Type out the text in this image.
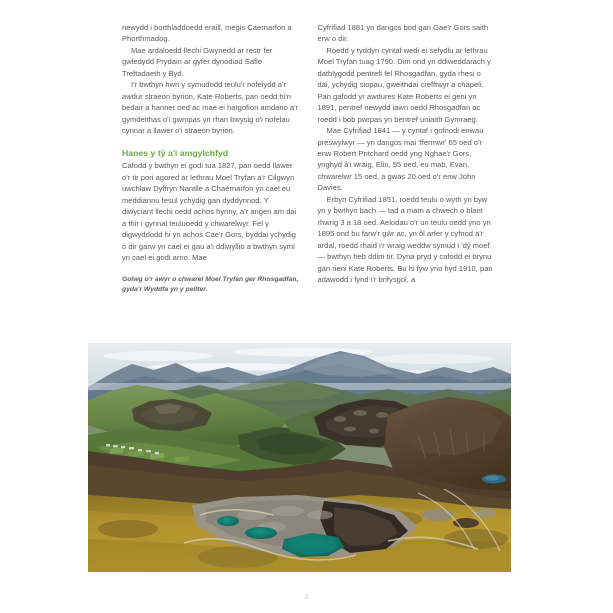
newydd i borthladdoedd eraill, megis Caernarfon a Phorthmadog.

Mae ardaloedd llechi Gwynedd ar restr fer gwledydd Prydain ar gyfer dynodiad Safle Treftadaeth y Byd.

I'r bwthyn hwn y symudodd teulu'r nofelydd a'r awdur straeon byrion, Kate Roberts, pan oedd hi'n bedair a hanner oed ac mae ei hatgofion amdano a'r gymdeithas o'i gwmpas yn rhan bwysig o'i nofelau cynnar a llawer o'i straeon byrion.

Hanes y tŷ a'i amgylchfyd

Cafodd y bwthyn ei godi tua 1827, pan oedd llawer o'r tir pori agored ar lethrau Moel Tryfan a'r Cilgwyn uwchlaw Dyffryn Nantlle a Chaernarfon yn cael eu meddiannu fesul ychydig gan dyddynnod. Y diwyciant llechi oedd achos hynny, a'r angen am dai a thir i gynnal teuluoedd y chwarelwyr. Fel y digwyddodd hi yn achos Cae'r Gors, byddai ychydig o dir garw yn cael ei gau a'i ddiwyllio a bwthyn syml yn cael ei godi arno. Mae

Golwg o'r awyr o chwarel Moel Tryfan ger Rhosgadfan, gyda'r Wyddfa yn y pellter.

Cyfrifiad 1881 yn dangos bod gan Gae'r Gors saith erw o dir.

Roedd y tyddyn cyntaf wedi ei sefydlu ar lethrau Moel Tryfan tuag 1790. Dim ond yn ddiweddarach y datblygodd pentrefi fel Rhosgadfan, gyda rhesi o dai, ychydig siopau, gweithdai crefftwyr a chapeli. Pan gafodd yr awdures Kate Roberts ei geni yn 1891, pentref newydd iawn oedd Rhosgadfan ac roedd i bob pwrpas yn bentref uniaith Gymraeg.

Mae Cyfrifiad 1841 — y cyntaf i gofnodi enwau preswylwyr — yn dangos mai 'ffermwr' 65 oed o'r enw Robert Pritchard oedd yng Nghae'r Gors, ynghyd â'i wraig, Elin, 55 oed, eu mab, Evan, chwarelwr 15 oed, a gwas 20 oed o'r enw John Davies.

Erbyn Cyfrifiad 1851, roedd teulu o wyth yn byw yn y bwthyn bach — tad a mam a chwech o blant rhwng 3 a 18 oed. Aelodau o'r un teulu oedd yno yn 1895 ond bu farw'r gŵr ac, yn ôl arfer y cyfnod a'r ardal, roedd rhaid i'r wraig weddw symud i 'dŷ moel' — bwthyn heb ddim tir. Dyna pryd y cafodd ei brynu gan rieni Kate Roberts. Bu hi fyw yno hyd 1910, pan adawodd i fynd i'r brifysgol, a

2
